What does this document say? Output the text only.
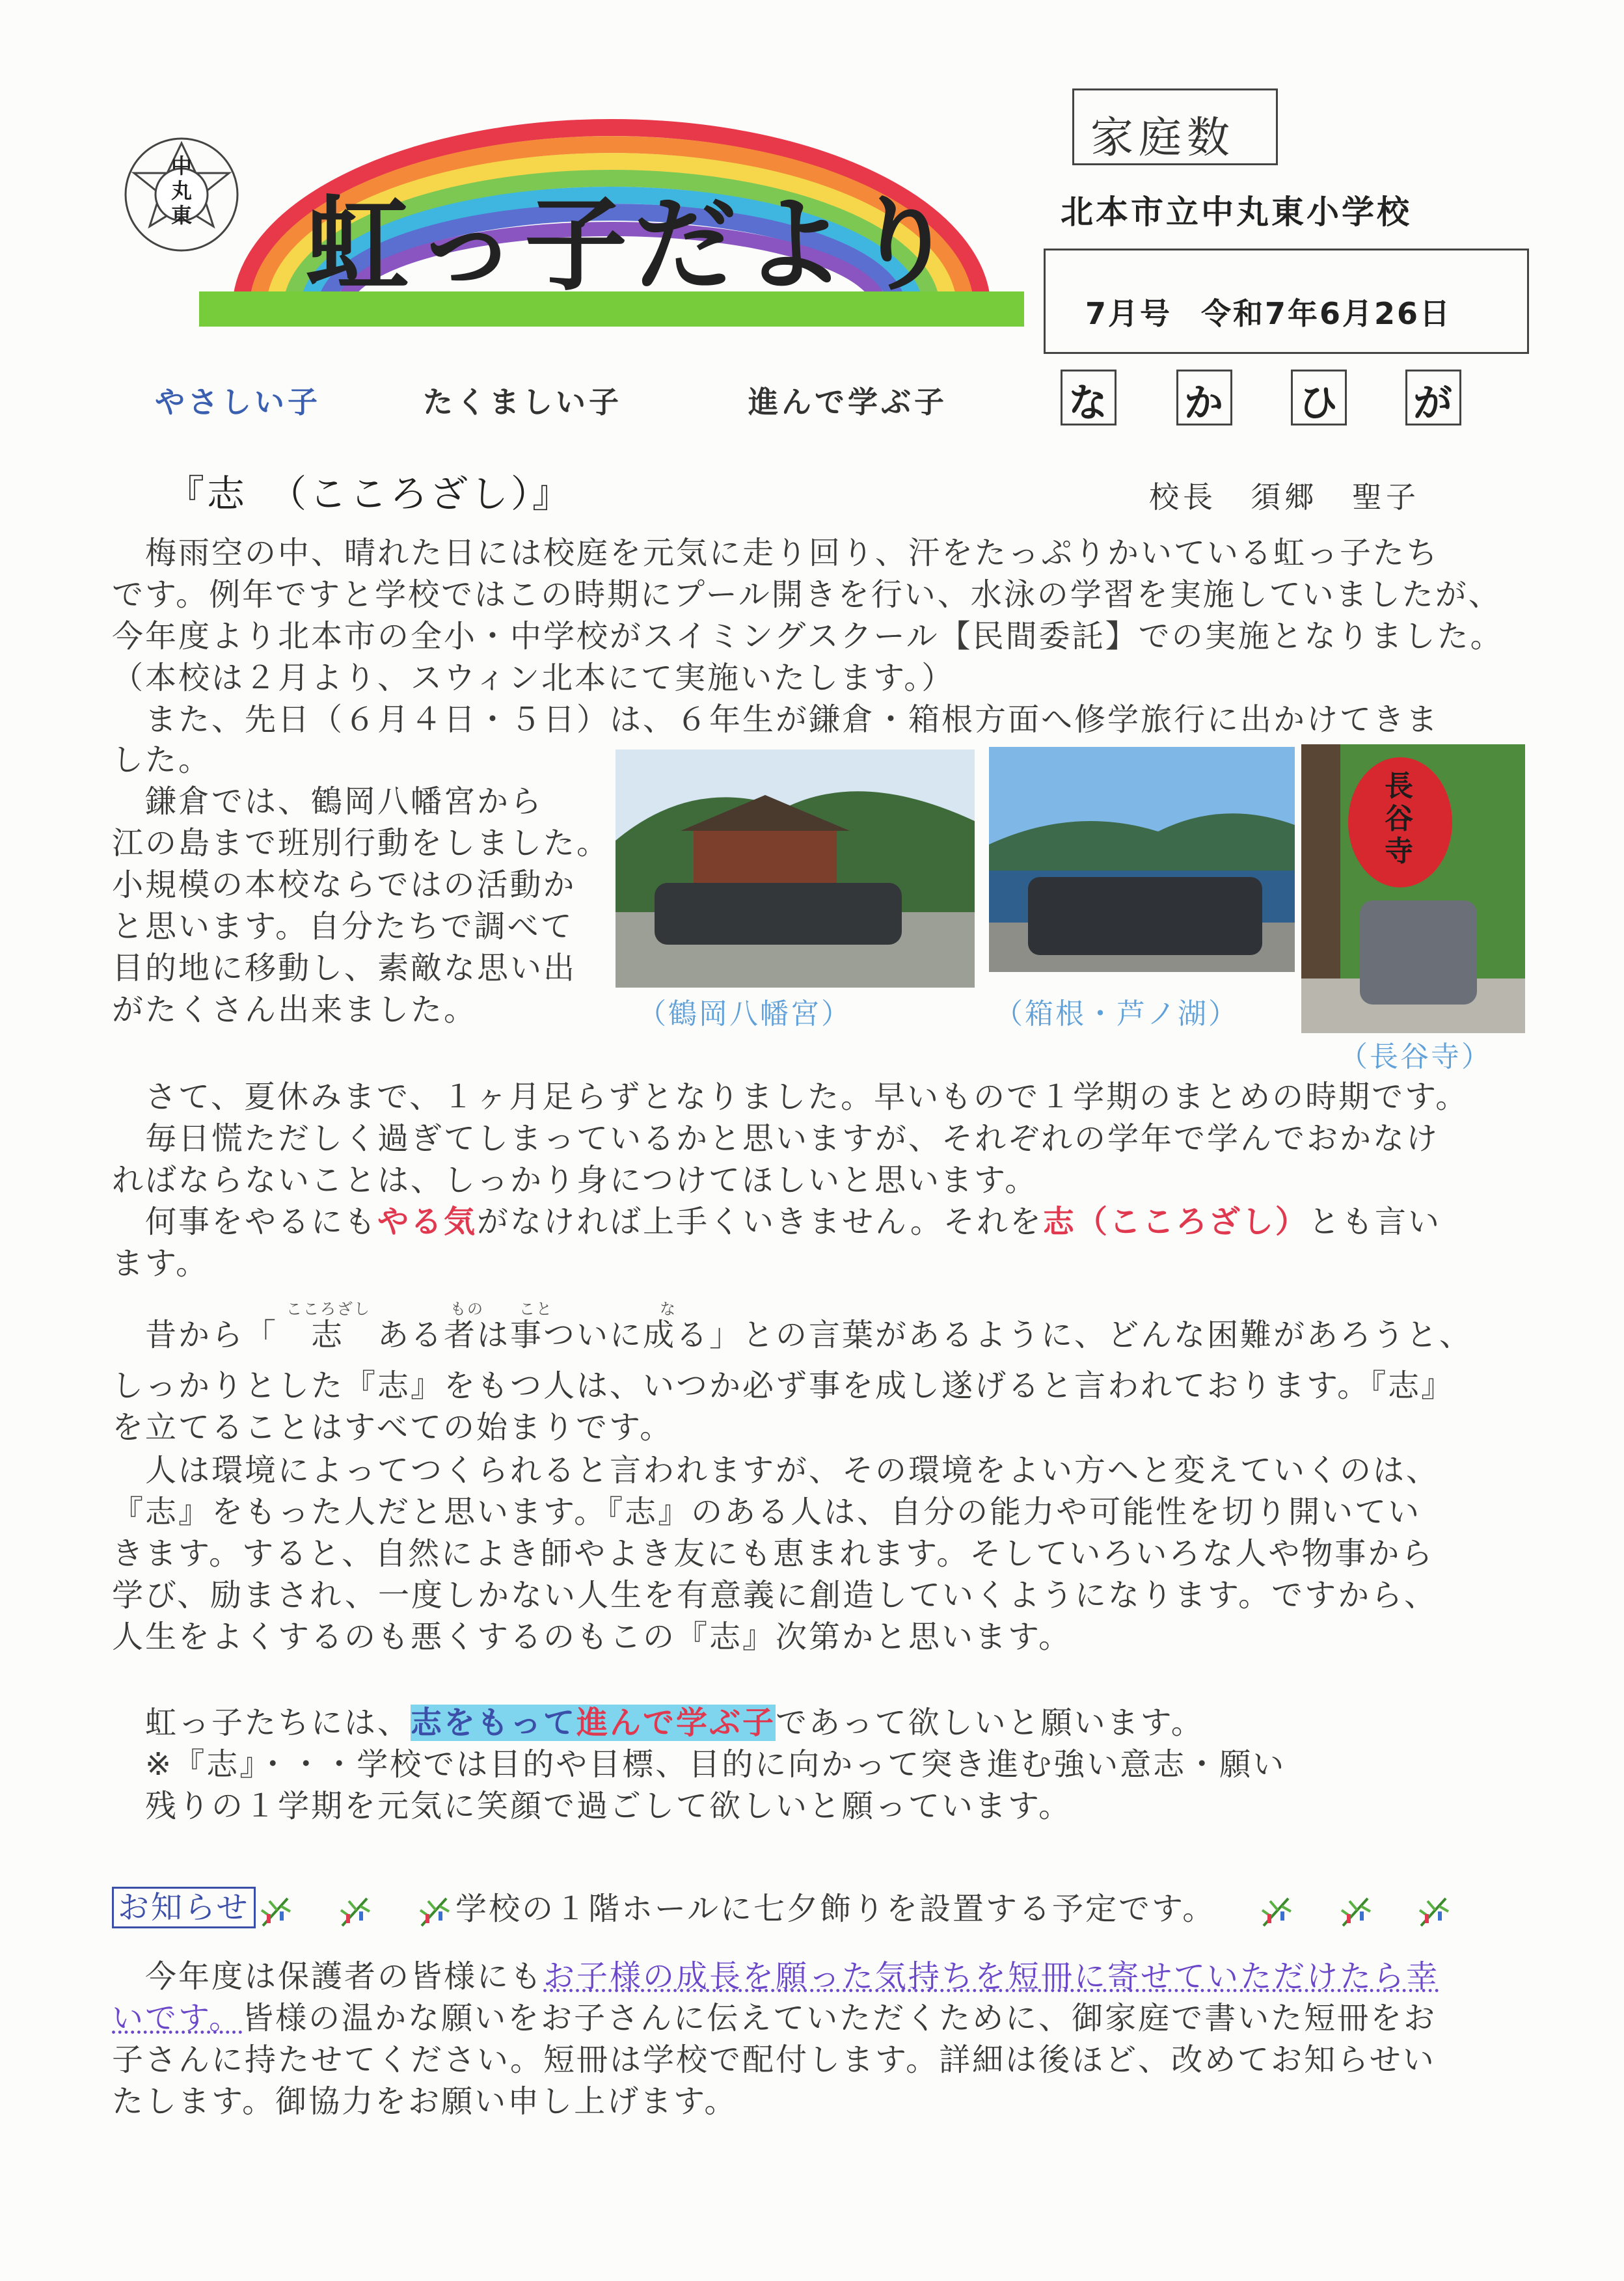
中丸東 虹っ子だより
家庭数
北本市立中丸東小学校
7月号 令和7年6月26日
やさしい子	たくましい子	進んで学ぶ子	な か ひ が
『志　（こころざし）』	校長　須郷　聖子
　梅雨空の中、晴れた日には校庭を元気に走り回り、汗をたっぷりかいている虹っ子たち
です。例年ですと学校ではこの時期にプール開きを行い、水泳の学習を実施していましたが、
今年度より北本市の全小・中学校がスイミングスクール【民間委託】での実施となりました。
（本校は２月より、スウィン北本にて実施いたします。）
　また、先日（６月４日・５日）は、６年生が鎌倉・箱根方面へ修学旅行に出かけてきま
した。
　鎌倉では、鶴岡八幡宮から
江の島まで班別行動をしました。
小規模の本校ならではの活動か
と思います。自分たちで調べて
目的地に移動し、素敵な思い出
がたくさん出来ました。	（鶴岡八幡宮）	（箱根・芦ノ湖）
長谷寺
（長谷寺）
　さて、夏休みまで、１ヶ月足らずとなりました。早いもので１学期のまとめの時期です。
　毎日慌ただしく過ぎてしまっているかと思いますが、それぞれの学年で学んでおかなけ
ればならないことは、しっかり身につけてほしいと思います。
　何事をやるにもやる気がなければ上手くいきません。それを志（こころざし）とも言い
ます。
こころざし	もの こと	な
　昔から「　志　ある者は事ついに成る」との言葉があるように、どんな困難があろうと、
しっかりとした『志』をもつ人は、いつか必ず事を成し遂げると言われております。『志』
を立てることはすべての始まりです。
　人は環境によってつくられると言われますが、その環境をよい方へと変えていくのは、
『志』をもった人だと思います。『志』のある人は、自分の能力や可能性を切り開いてい
きます。すると、自然によき師やよき友にも恵まれます。そしていろいろな人や物事から
学び、励まされ、一度しかない人生を有意義に創造していくようになります。ですから、
人生をよくするのも悪くするのもこの『志』次第かと思います。
　虹っ子たちには、志をもって進んで学ぶ子であって欲しいと願います。
　※『志』・・・学校では目的や目標、目的に向かって突き進む強い意志・願い
　残りの１学期を元気に笑顔で過ごして欲しいと願っています。
お知らせ	学校の１階ホールに七夕飾りを設置する予定です。
　今年度は保護者の皆様にもお子様の成長を願った気持ちを短冊に寄せていただけたら幸
いです。皆様の温かな願いをお子さんに伝えていただくために、御家庭で書いた短冊をお
子さんに持たせてください。短冊は学校で配付します。詳細は後ほど、改めてお知らせい
たします。御協力をお願い申し上げます。
